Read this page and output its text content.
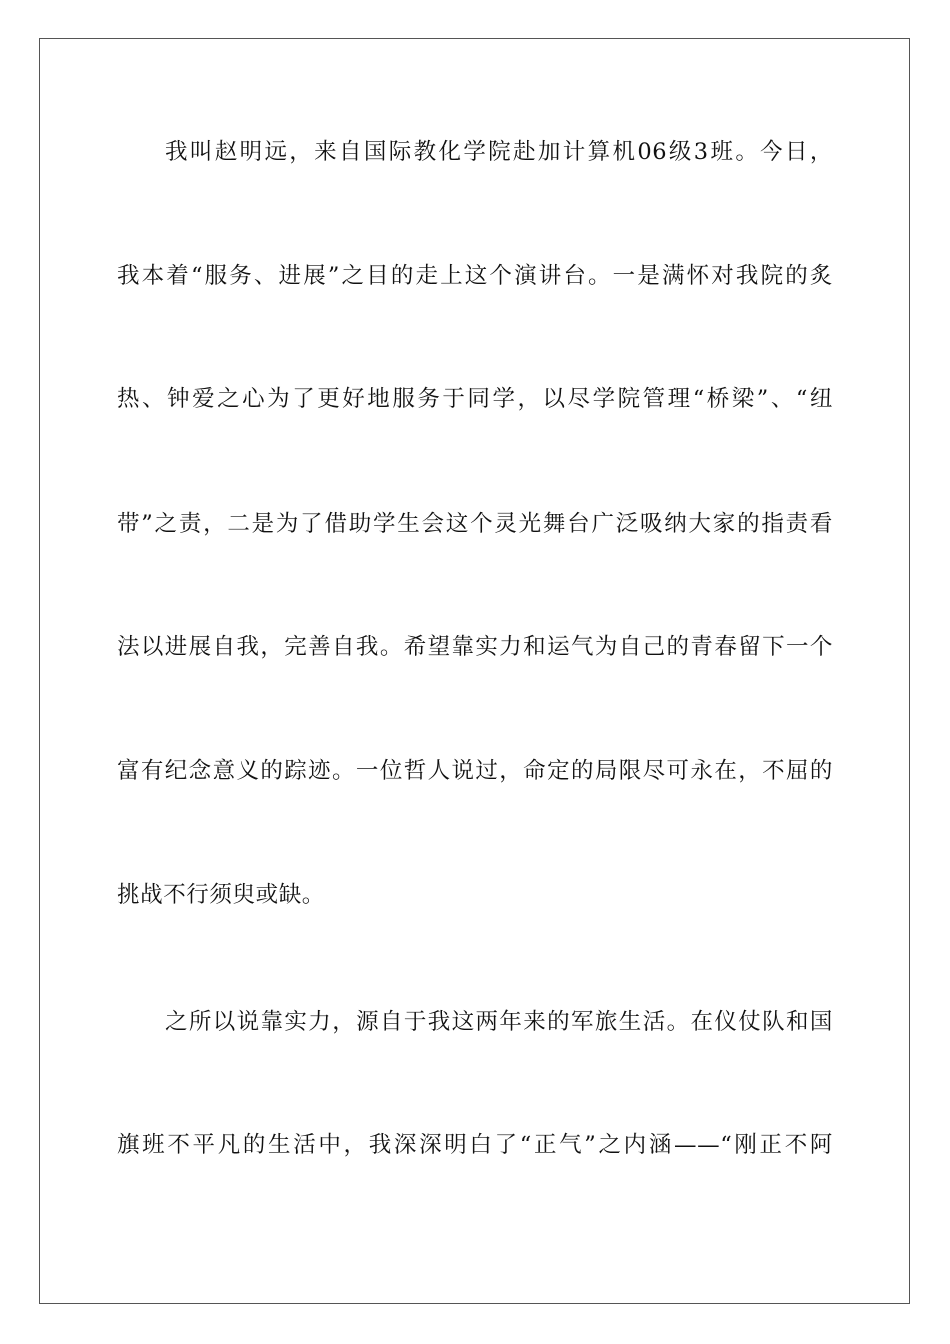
我叫赵明远，来自国际教化学院赴加计算机06级3班。今日，
我本着“服务、进展”之目的走上这个演讲台。一是满怀对我院的炙
热、钟爱之心为了更好地服务于同学，以尽学院管理“桥梁”、“纽
带”之责，二是为了借助学生会这个灵光舞台广泛吸纳大家的指责看
法以进展自我，完善自我。希望靠实力和运气为自己的青春留下一个
富有纪念意义的踪迹。一位哲人说过，命定的局限尽可永在，不屈的
挑战不行须臾或缺。
之所以说靠实力，源自于我这两年来的军旅生活。在仪仗队和国
旗班不平凡的生活中，我深深明白了“正气”之内涵——“刚正不阿
